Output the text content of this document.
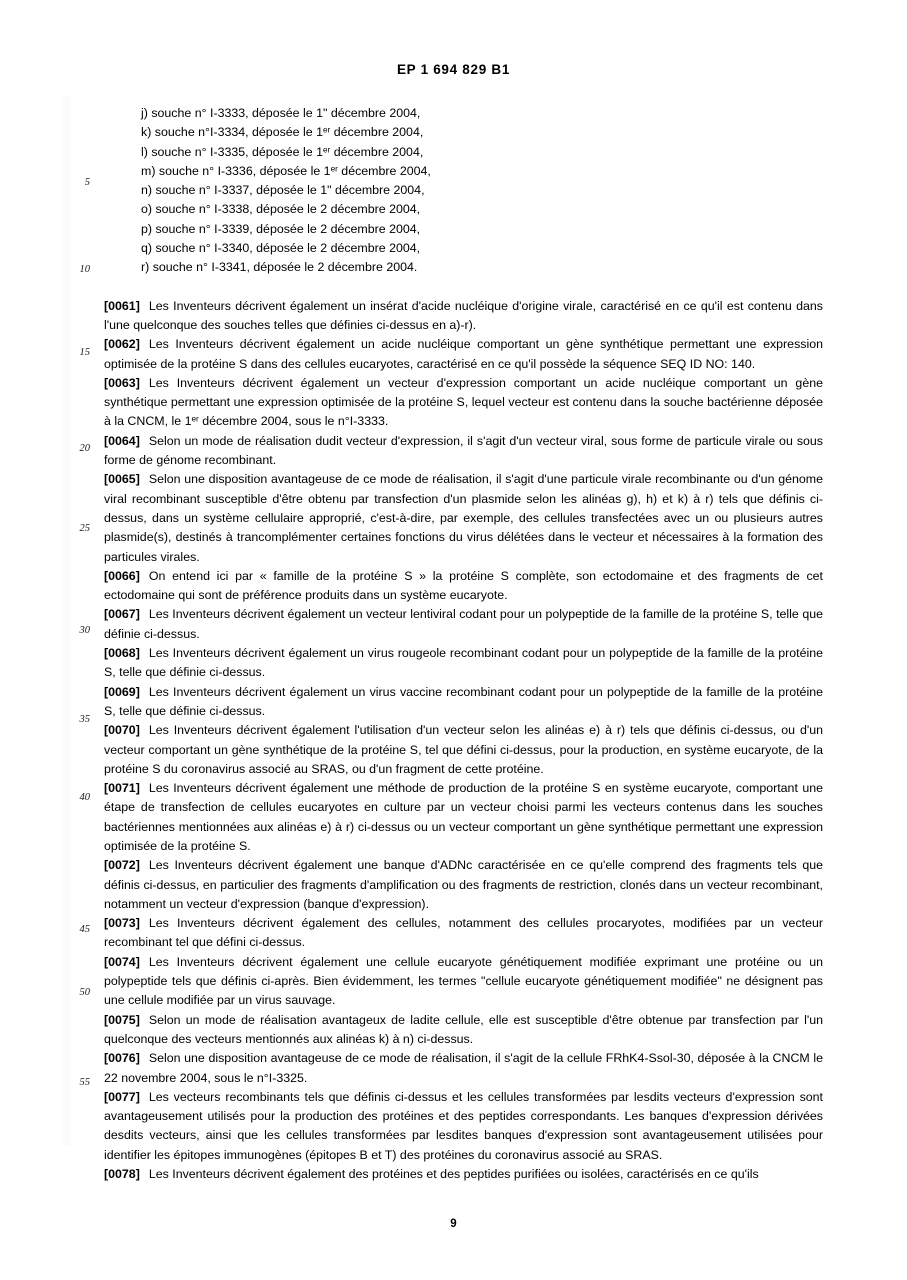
EP 1 694 829 B1
5
10
15
20
25
30
35
40
45
50
55
j) souche n° I-3333, déposée le 1" décembre 2004,
k) souche n°I-3334, déposée le 1er décembre 2004,
l) souche n° I-3335, déposée le 1er décembre 2004,
m) souche n° I-3336, déposée le 1er décembre 2004,
n) souche n° I-3337, déposée le 1" décembre 2004,
o) souche n° I-3338, déposée le 2 décembre 2004,
p) souche n° I-3339, déposée le 2 décembre 2004,
q) souche n° I-3340, déposée le 2 décembre 2004,
r) souche n° I-3341, déposée le 2 décembre 2004.
[0061] Les Inventeurs décrivent également un insérat d'acide nucléique d'origine virale, caractérisé en ce qu'il est contenu dans l'une quelconque des souches telles que définies ci-dessus en a)-r).
[0062] Les Inventeurs décrivent également un acide nucléique comportant un gène synthétique permettant une expression optimisée de la protéine S dans des cellules eucaryotes, caractérisé en ce qu'il possède la séquence SEQ ID NO: 140.
[0063] Les Inventeurs décrivent également un vecteur d'expression comportant un acide nucléique comportant un gène synthétique permettant une expression optimisée de la protéine S, lequel vecteur est contenu dans la souche bactérienne déposée à la CNCM, le 1er décembre 2004, sous le n°I-3333.
[0064] Selon un mode de réalisation dudit vecteur d'expression, il s'agit d'un vecteur viral, sous forme de particule virale ou sous forme de génome recombinant.
[0065] Selon une disposition avantageuse de ce mode de réalisation, il s'agit d'une particule virale recombinante ou d'un génome viral recombinant susceptible d'être obtenu par transfection d'un plasmide selon les alinéas g), h) et k) à r) tels que définis ci-dessus, dans un système cellulaire approprié, c'est-à-dire, par exemple, des cellules transfectées avec un ou plusieurs autres plasmide(s), destinés à trancomplémenter certaines fonctions du virus délétées dans le vecteur et nécessaires à la formation des particules virales.
[0066] On entend ici par « famille de la protéine S » la protéine S complète, son ectodomaine et des fragments de cet ectodomaine qui sont de préférence produits dans un système eucaryote.
[0067] Les Inventeurs décrivent également un vecteur lentiviral codant pour un polypeptide de la famille de la protéine S, telle que définie ci-dessus.
[0068] Les Inventeurs décrivent également un virus rougeole recombinant codant pour un polypeptide de la famille de la protéine S, telle que définie ci-dessus.
[0069] Les Inventeurs décrivent également un virus vaccine recombinant codant pour un polypeptide de la famille de la protéine S, telle que définie ci-dessus.
[0070] Les Inventeurs décrivent également l'utilisation d'un vecteur selon les alinéas e) à r) tels que définis ci-dessus, ou d'un vecteur comportant un gène synthétique de la protéine S, tel que défini ci-dessus, pour la production, en système eucaryote, de la protéine S du coronavirus associé au SRAS, ou d'un fragment de cette protéine.
[0071] Les Inventeurs décrivent également une méthode de production de la protéine S en système eucaryote, comportant une étape de transfection de cellules eucaryotes en culture par un vecteur choisi parmi les vecteurs contenus dans les souches bactériennes mentionnées aux alinéas e) à r) ci-dessus ou un vecteur comportant un gène synthétique permettant une expression optimisée de la protéine S.
[0072] Les Inventeurs décrivent également une banque d'ADNc caractérisée en ce qu'elle comprend des fragments tels que définis ci-dessus, en particulier des fragments d'amplification ou des fragments de restriction, clonés dans un vecteur recombinant, notamment un vecteur d'expression (banque d'expression).
[0073] Les Inventeurs décrivent également des cellules, notamment des cellules procaryotes, modifiées par un vecteur recombinant tel que défini ci-dessus.
[0074] Les Inventeurs décrivent également une cellule eucaryote génétiquement modifiée exprimant une protéine ou un polypeptide tels que définis ci-après. Bien évidemment, les termes "cellule eucaryote génétiquement modifiée" ne désignent pas une cellule modifiée par un virus sauvage.
[0075] Selon un mode de réalisation avantageux de ladite cellule, elle est susceptible d'être obtenue par transfection par l'un quelconque des vecteurs mentionnés aux alinéas k) à n) ci-dessus.
[0076] Selon une disposition avantageuse de ce mode de réalisation, il s'agit de la cellule FRhK4-Ssol-30, déposée à la CNCM le 22 novembre 2004, sous le n°I-3325.
[0077] Les vecteurs recombinants tels que définis ci-dessus et les cellules transformées par lesdits vecteurs d'expression sont avantageusement utilisés pour la production des protéines et des peptides correspondants. Les banques d'expression dérivées desdits vecteurs, ainsi que les cellules transformées par lesdites banques d'expression sont avantageusement utilisées pour identifier les épitopes immunogènes (épitopes B et T) des protéines du coronavirus associé au SRAS.
[0078] Les Inventeurs décrivent également des protéines et des peptides purifiées ou isolées, caractérisés en ce qu'ils
9
